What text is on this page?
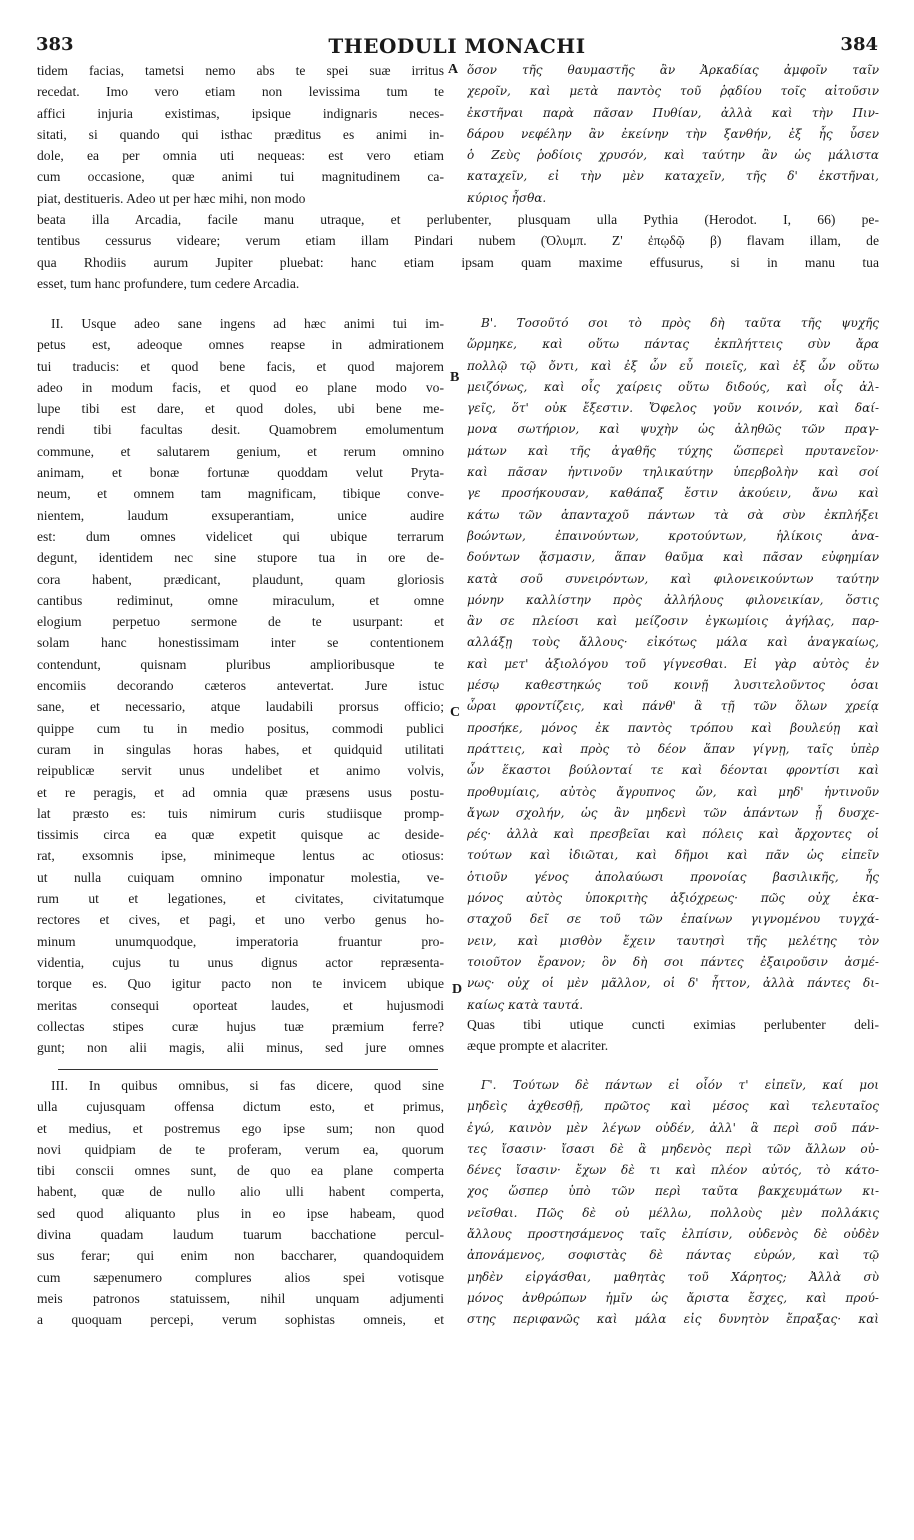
383	THEODULI MONACHI	384
tidem facias, tametsi nemo abs te spei suæ irritus
recedat. Imo vero etiam non levissima tum te
affici injuria existimas, ipsique indignaris neces-
sitati, si quando qui isthac præditus es animi in-
dole, ea per omnia uti nequeas: est vero etiam
cum occasione, quæ animi tui magnitudinem ca-
piat, destitueris. Adeo ut per hæc mihi, non modo
ὅσον τῆς θαυμαστῆς ἂν Ἀρκαδίας ἀμφοῖν ταῖν
χεροῖν, καὶ μετὰ παντὸς τοῦ ῥᾳδίου τοῖς αἰτοῦσιν
ἐκστῆναι παρὰ πᾶσαν Πυθίαν, ἀλλὰ καὶ τὴν Πιν-
δάρου νεφέλην ἂν ἐκείνην τὴν ξανθήν, ἐξ ἧς ὗσεν
ὁ Ζεὺς ῥοδίοις χρυσόν, καὶ ταύτην ἂν ὡς μάλιστα
καταχεῖν, εἰ τὴν μὲν καταχεῖν, τῆς δ' ἐκστῆναι,
κύριος ἦσθα.
beata illa Arcadia, facile manu utraque, et perlubenter, plusquam ulla Pythia (Herodot. I, 66) pe-
tentibus cessurus videare; verum etiam illam Pindari nubem (Ὀλυμπ. Ζ' ἐπῳδῷ β) flavam illam, de
qua Rhodiis aurum Jupiter pluebat: hanc etiam ipsam quam maxime effusurus, si in manu tua
esset, tum hanc profundere, tum cedere Arcadia.
II. Usque adeo sane ingens ad hæc animi tui im-
petus est, adeoque omnes reapse in admirationem
tui traducis: et quod bene facis, et quod majorem
adeo in modum facis, et quod eo plane modo vo-
lupe tibi est dare, et quod doles, ubi bene me-
rendi tibi facultas desit. Quamobrem emolumentum
commune, et salutarem genium, et rerum omnino
animam, et bonæ fortunæ quoddam velut Pryta-
neum, et omnem tam magnificam, tibique conve-
nientem, laudum exsuperantiam, unice audire
est: dum omnes videlicet qui ubique terrarum
degunt, identidem nec sine stupore tua in ore de-
cora habent, prædicant, plaudunt, quam gloriosis
cantibus rediminut, omne miraculum, et omne
elogium perpetuo sermone de te usurpant: et
solam hanc honestissimam inter se contentionem
contendunt, quisnam pluribus amplioribusque te
encomiis decorando cæteros antevertat. Jure istuc
sane, et necessario, atque laudabili prorsus officio;
quippe cum tu in medio positus, commodi publici
curam in singulas horas habes, et quidquid utilitati
reipublicæ servit unus undelibet et animo volvis,
et re peragis, et ad omnia quæ præsens usus postu-
lat præsto es: tuis nimirum curis studiisque promp-
tissimis circa ea quæ expetit quisque ac deside-
rat, exsomnis ipse, minimeque lentus ac otiosus:
ut nulla cuiquam omnino imponatur molestia, ve-
rum ut et legationes, et civitates, civitatumque
rectores et cives, et pagi, et uno verbo genus ho-
minum unumquodque, imperatoria fruantur pro-
videntia, cujus tu unus dignus actor repræsenta-
torque es. Quo igitur pacto non te invicem ubique
meritas consequi oporteat laudes, et hujusmodi
collectas stipes curæ hujus tuæ præmium ferre?
gunt; non alii magis, alii minus, sed jure omnes
Β'. Τοσοῦτό σοι τὸ πρὸς δὴ ταῦτα τῆς ψυχῆς
ὥρμηκε, καὶ οὕτω πάντας ἐκπλήττεις σὺν ἄρα
πολλῷ τῷ ὄντι, καὶ ἐξ ὧν εὖ ποιεῖς, καὶ ἐξ ὧν οὕτω
μειζόνως, καὶ οἷς χαίρεις οὕτω διδούς, καὶ οἷς ἀλ-
γεῖς, ὅτ' οὐκ ἔξεστιν. Ὄφελος γοῦν κοινόν, καὶ δαί-
μονα σωτήριον, καὶ ψυχὴν ὡς ἀληθῶς τῶν πραγ-
μάτων καὶ τῆς ἀγαθῆς τύχης ὥσπερεὶ πρυτανεῖον·
καὶ πᾶσαν ἡντινοῦν τηλικαύτην ὑπερβολὴν καὶ σοί
γε προσήκουσαν, καθάπαξ ἔστιν ἀκούειν, ἄνω καὶ
κάτω τῶν ἁπανταχοῦ πάντων τὰ σὰ σὺν ἐκπλήξει
βοώντων, ἐπαινούντων, κροτούντων, ἡλίκοις ἀνα-
δούντων ᾄσμασιν, ἅπαν θαῦμα καὶ πᾶσαν εὐφημίαν
κατὰ σοῦ συνειρόντων, καὶ φιλονεικούντων ταύτην
μόνην καλλίστην πρὸς ἀλλήλους φιλονεικίαν, ὅστις
ἂν σε πλείοσι καὶ μείζοσιν ἐγκωμίοις ἀγήλας, παρ-
αλλάξῃ τοὺς ἄλλους· εἰκότως μάλα καὶ ἀναγκαίως,
καὶ μετ' ἀξιολόγου τοῦ γίγνεσθαι. Εἰ γὰρ αὐτὸς ἐν
μέσῳ καθεστηκώς τοῦ κοινῇ λυσιτελοῦντος ὁσαι
ὧραι φροντίζεις, καὶ πάνθ' ἃ τῇ τῶν ὅλων χρείᾳ
προσήκε, μόνος ἐκ παντὸς τρόπου καὶ βουλεύῃ καὶ
πράττεις, καὶ πρὸς τὸ δέον ἅπαν γίγνῃ, ταῖς ὑπὲρ
ὧν ἕκαστοι βούλονταί τε καὶ δέονται φροντίσι καὶ
προθυμίαις, αὐτὸς ἄγρυπνος ὤν, καὶ μηδ' ἡντινοῦν
ἄγων σχολήν, ὡς ἂν μηδενὶ τῶν ἁπάντων ᾖ δυσχε-
ρές· ἀλλὰ καὶ πρεσβεῖαι καὶ πόλεις καὶ ἄρχοντες οἱ
τούτων καὶ ἰδιῶται, καὶ δῆμοι καὶ πᾶν ὡς εἰπεῖν
ὁτιοῦν γένος ἀπολαύωσι προνοίας βασιλικῆς, ἧς
μόνος αὐτὸς ὑποκριτὴς ἀξιόχρεως· πῶς οὐχ ἑκα-
σταχοῦ δεῖ σε τοῦ τῶν ἐπαίνων γιγνομένου τυγχά-
νειν, καὶ μισθὸν ἔχειν ταυτησὶ τῆς μελέτης τὸν
τοιοῦτον ἔρανον; ὃν δὴ σοι πάντες ἐξαιροῦσιν ἀσμέ-
νως· οὐχ οἱ μὲν μᾶλλον, οἱ δ' ἧττον, ἀλλὰ πάντες δι-
καίως κατὰ ταυτά.
Quas tibi utique cuncti eximias perlubenter deli-
æque prompte et alacriter.
III. In quibus omnibus, si fas dicere, quod sine
ulla cujusquam offensa dictum esto, et primus,
et medius, et postremus ego ipse sum; non quod
novi quidpiam de te proferam, verum ea, quorum
tibi conscii omnes sunt, de quo ea plane comperta
habent, quæ de nullo alio ulli habent comperta,
sed quod aliquanto plus in eo ipse habeam, quod
divina quadam laudum tuarum bacchatione percul-
sus ferar; qui enim non baccharer, quandoquidem
cum sæpenumero complures alios spei votisque
meis patronos statuissem, nihil unquam adjumenti
a quoquam percepi, verum sophistas omneis, et
Γ'. Τούτων δὲ πάντων εἰ οἷόν τ' εἰπεῖν, καί μοι
μηδεὶς ἀχθεσθῇ, πρῶτος καὶ μέσος καὶ τελευταῖος
ἐγώ, καινὸν μὲν λέγων οὐδέν, ἀλλ' ἃ περὶ σοῦ πάν-
τες ἴσασιν· ἴσασι δὲ ἃ μηδενὸς περὶ τῶν ἄλλων οὐ-
δένες ἴσασιν· ἔχων δὲ τι καὶ πλέον αὐτός, τὸ κάτο-
χος ὥσπερ ὑπὸ τῶν περὶ ταῦτα βακχευμάτων κι-
νεῖσθαι. Πῶς δὲ οὐ μέλλω, πολλοὺς μὲν πολλάκις
ἄλλους προστησάμενος ταῖς ἐλπίσιν, οὐδενὸς δὲ οὐδὲν
ἀπονάμενος, σοφιστὰς δὲ πάντας εὑρών, καὶ τῷ
μηδὲν εἰργάσθαι, μαθητὰς τοῦ Χάρητος; Ἀλλὰ σὺ
μόνος ἀνθρώπων ἡμῖν ὡς ἄριστα ἔσχες, καὶ πρού-
στης περιφανῶς καὶ μάλα εἰς δυνητὸν ἔπραξας· καὶ
A
B
C
D
